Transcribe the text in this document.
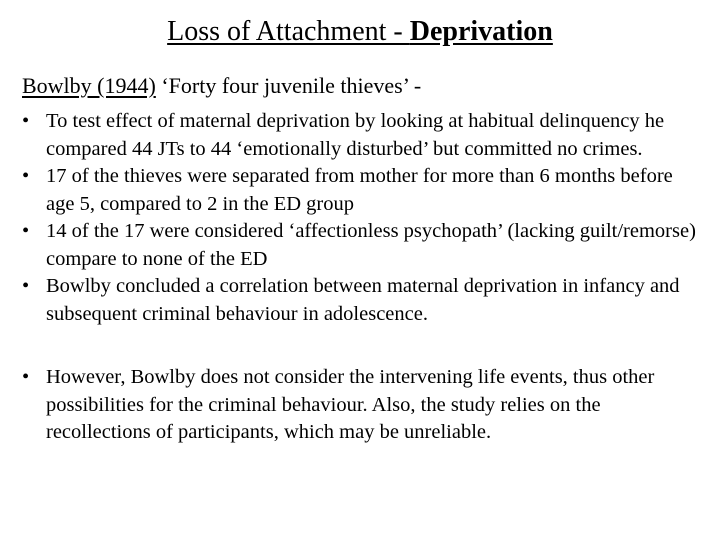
Loss of Attachment - Deprivation
Bowlby (1944) ‘Forty four juvenile thieves’ -
• To test effect of maternal deprivation by looking at habitual delinquency he compared 44 JTs to 44 ‘emotionally disturbed’ but committed no crimes.
• 17 of the thieves were separated from mother for more than 6 months before age 5, compared to 2 in the ED group
• 14 of the 17 were considered ‘affectionless psychopath’ (lacking guilt/remorse) compare to none of the ED
• Bowlby concluded a correlation between maternal deprivation in infancy and subsequent criminal behaviour in adolescence.
• However, Bowlby does not consider the intervening life events, thus other possibilities for the criminal behaviour. Also, the study relies on the recollections of participants, which may be unreliable.
